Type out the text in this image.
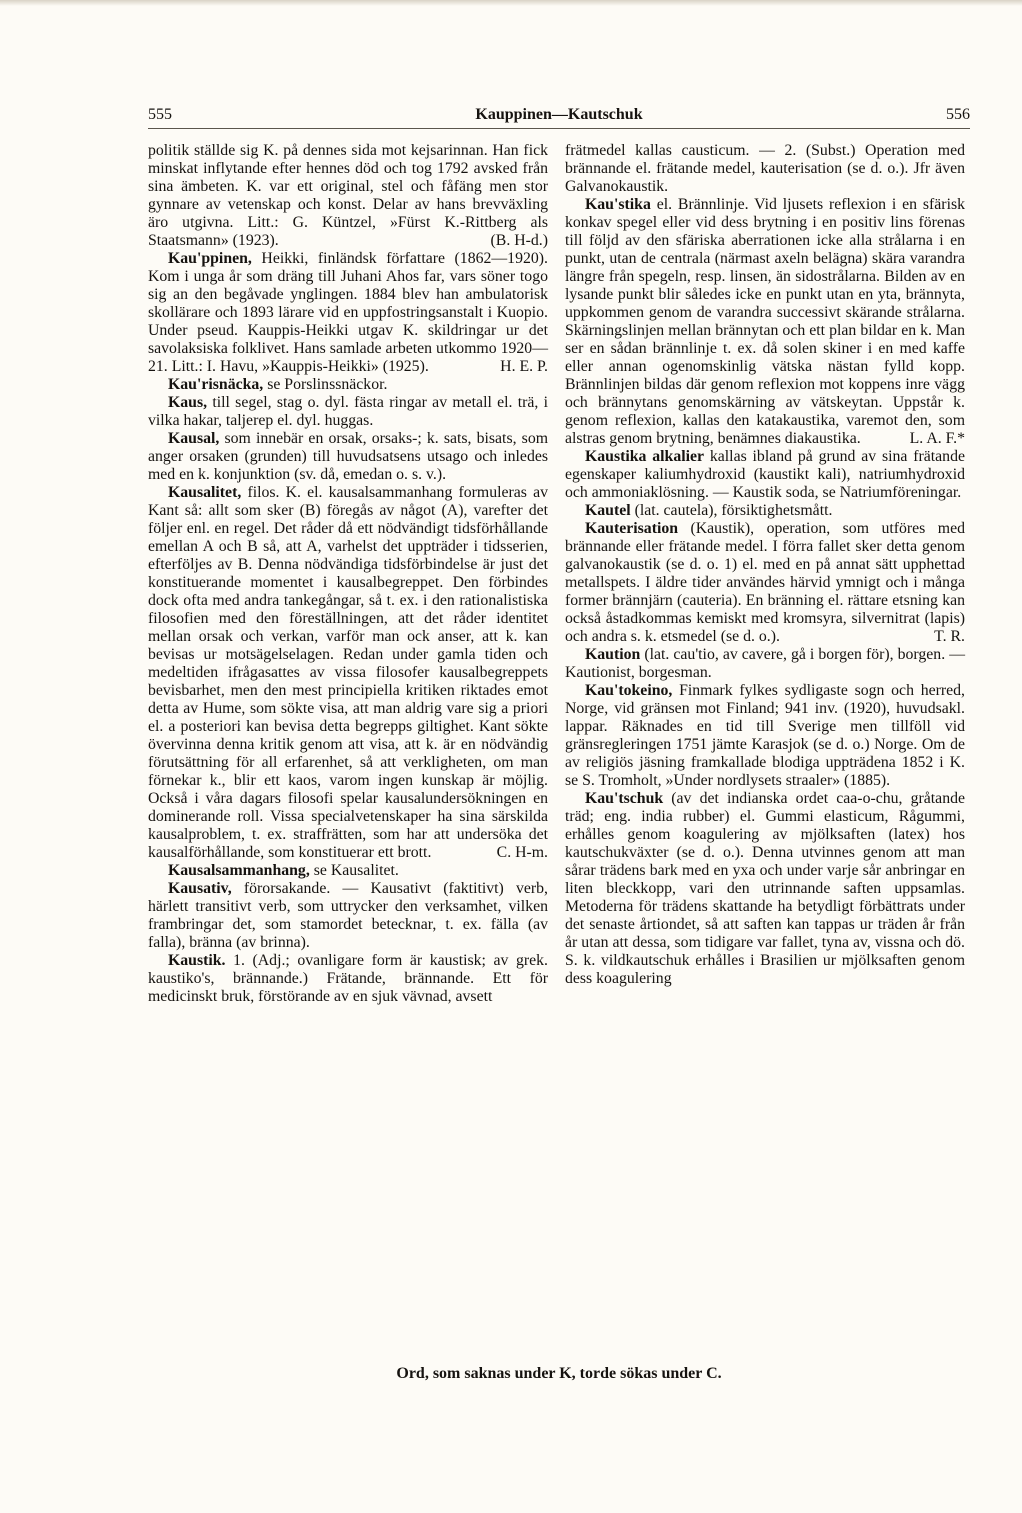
555	Kauppinen—Kautschuk	556

politik ställde sig K. på dennes sida mot kejsarinnan. Han fick minskat inflytande efter hennes död och tog 1792 avsked från sina ämbeten. K. var ett original, stel och fåfäng men stor gynnare av vetenskap och konst. Delar av hans brevväxling äro utgivna. Litt.: G. Küntzel, »Fürst K.-Rittberg als Staatsmann» (1923).	(B. H-d.)

Kau'ppinen, Heikki, finländsk författare (1862—1920). Kom i unga år som dräng till Juhani Ahos far, vars söner togo sig an den begåvade ynglingen. 1884 blev han ambulatorisk skollärare och 1893 lärare vid en uppfostringsanstalt i Kuopio. Under pseud. Kauppis-Heikki utgav K. skildringar ur det savolaksiska folklivet. Hans samlade arbeten utkommo 1920—21. Litt.: I. Havu, »Kauppis-Heikki» (1925).	H. E. P.

Kau'risnäcka, se Porslinssnäckor.

Kaus, till segel, stag o. dyl. fästa ringar av metall el. trä, i vilka hakar, taljerep el. dyl. huggas.

Kausal, som innebär en orsak, orsaks-; k. sats, bisats, som anger orsaken (grunden) till huvudsatsens utsago och inledes med en k. konjunktion (sv. då, emedan o. s. v.).

Kausalitet, filos. K. el. kausalsammanhang formuleras av Kant så: allt som sker (B) föregås av något (A), varefter det följer enl. en regel. Det råder då ett nödvändigt tidsförhållande emellan A och B så, att A, varhelst det uppträder i tidsserien, efterföljes av B. Denna nödvändiga tidsförbindelse är just det konstituerande momentet i kausalbegreppet. Den förbindes dock ofta med andra tankegångar, så t. ex. i den rationalistiska filosofien med den föreställningen, att det råder identitet mellan orsak och verkan, varför man ock anser, att k. kan bevisas ur motsägelselagen. Redan under gamla tiden och medeltiden ifrågasattes av vissa filosofer kausalbegreppets bevisbarhet, men den mest principiella kritiken riktades emot detta av Hume, som sökte visa, att man aldrig vare sig a priori el. a posteriori kan bevisa detta begrepps giltighet. Kant sökte övervinna denna kritik genom att visa, att k. är en nödvändig förutsättning för all erfarenhet, så att verkligheten, om man förnekar k., blir ett kaos, varom ingen kunskap är möjlig. Också i våra dagars filosofi spelar kausalundersökningen en dominerande roll. Vissa specialvetenskaper ha sina särskilda kausalproblem, t. ex. straffrätten, som har att undersöka det kausalförhållande, som konstituerar ett brott.	C. H-m.

Kausalsammanhang, se Kausalitet.

Kausativ, förorsakande. — Kausativt (faktitivt) verb, härlett transitivt verb, som uttrycker den verksamhet, vilken frambringar det, som stamordet betecknar, t. ex. fälla (av falla), bränna (av brinna).

Kaustik. 1. (Adj.; ovanligare form är kaustisk; av grek. kaustiko's, brännande.) Frätande, brännande. Ett för medicinskt bruk, förstörande av en sjuk vävnad, avsett

frätmedel kallas causticum. — 2. (Subst.) Operation med brännande el. frätande medel, kauterisation (se d. o.). Jfr även Galvanokaustik.

Kau'stika el. Brännlinje. Vid ljusets reflexion i en sfärisk konkav spegel eller vid dess brytning i en positiv lins förenas till följd av den sfäriska aberrationen icke alla strålarna i en punkt, utan de centrala (närmast axeln belägna) skära varandra längre från spegeln, resp. linsen, än sidostrålarna. Bilden av en lysande punkt blir således icke en punkt utan en yta, brännyta, uppkommen genom de varandra successivt skärande strålarna. Skärningslinjen mellan brännytan och ett plan bildar en k. Man ser en sådan brännlinje t. ex. då solen skiner i en med kaffe eller annan ogenomskinlig vätska nästan fylld kopp. Brännlinjen bildas där genom reflexion mot koppens inre vägg och brännytans genomskärning av vätskeytan. Uppstår k. genom reflexion, kallas den katakaustika, varemot den, som alstras genom brytning, benämnes diakaustika.	L. A. F.*

Kaustika alkalier kallas ibland på grund av sina frätande egenskaper kaliumhydroxid (kaustikt kali), natriumhydroxid och ammoniaklösning. — Kaustik soda, se Natriumföreningar.

Kautel (lat. cautela), försiktighetsmått.

Kauterisation (Kaustik), operation, som utföres med brännande eller frätande medel. I förra fallet sker detta genom galvanokaustik (se d. o. 1) el. med en på annat sätt upphettad metallspets. I äldre tider användes härvid ymnigt och i många former brännjärn (cauteria). En bränning el. rättare etsning kan också åstadkommas kemiskt med kromsyra, silvernitrat (lapis) och andra s. k. etsmedel (se d. o.).	T. R.

Kaution (lat. cau'tio, av cavere, gå i borgen för), borgen. — Kautionist, borgesman.

Kau'tokeino, Finmark fylkes sydligaste sogn och herred, Norge, vid gränsen mot Finland; 941 inv. (1920), huvudsakl. lappar. Räknades en tid till Sverige men tillföll vid gränsregleringen 1751 jämte Karasjok (se d. o.) Norge. Om de av religiös jäsning framkallade blodiga uppträdena 1852 i K. se S. Tromholt, »Under nordlysets straaler» (1885).

Kau'tschuk (av det indianska ordet caa-o-chu, gråtande träd; eng. india rubber) el. Gummi elasticum, Rågummi, erhålles genom koagulering av mjölksaften (latex) hos kautschukväxter (se d. o.). Denna utvinnes genom att man sårar trädens bark med en yxa och under varje sår anbringar en liten bleckkopp, vari den utrinnande saften uppsamlas. Metoderna för trädens skattande ha betydligt förbättrats under det senaste årtiondet, så att saften kan tappas ur träden år från år utan att dessa, som tidigare var fallet, tyna av, vissna och dö. S. k. vildkautschuk erhålles i Brasilien ur mjölksaften genom dess koagulering

Ord, som saknas under K, torde sökas under C.
